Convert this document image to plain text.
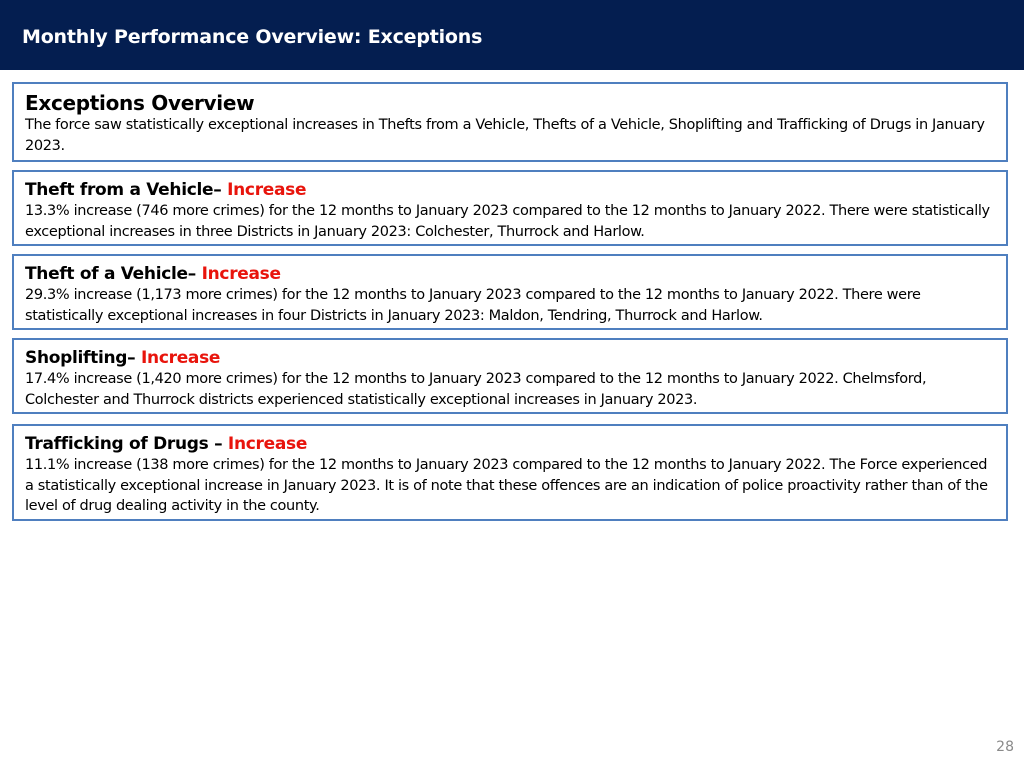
Monthly Performance Overview: Exceptions
Exceptions Overview
The force saw statistically exceptional increases in Thefts from a Vehicle, Thefts of a Vehicle, Shoplifting and Trafficking of Drugs in January 2023.
Theft from a Vehicle– Increase
13.3% increase (746 more crimes) for the 12 months to January 2023 compared to the 12 months to January 2022. There were statistically exceptional increases in three Districts in January 2023: Colchester, Thurrock and Harlow.
Theft of a Vehicle– Increase
29.3% increase (1,173 more crimes) for the 12 months to January 2023 compared to the 12 months to January 2022. There were statistically exceptional increases in four Districts in January 2023: Maldon, Tendring, Thurrock and Harlow.
Shoplifting– Increase
17.4% increase (1,420 more crimes) for the 12 months to January 2023 compared to the 12 months to January 2022. Chelmsford, Colchester and Thurrock districts experienced statistically exceptional increases in January 2023.
Trafficking of Drugs – Increase
11.1% increase (138 more crimes) for the 12 months to January 2023 compared to the 12 months to January 2022. The Force experienced a statistically exceptional increase in January 2023. It is of note that these offences are an indication of police proactivity rather than of the level of drug dealing activity in the county.
28
